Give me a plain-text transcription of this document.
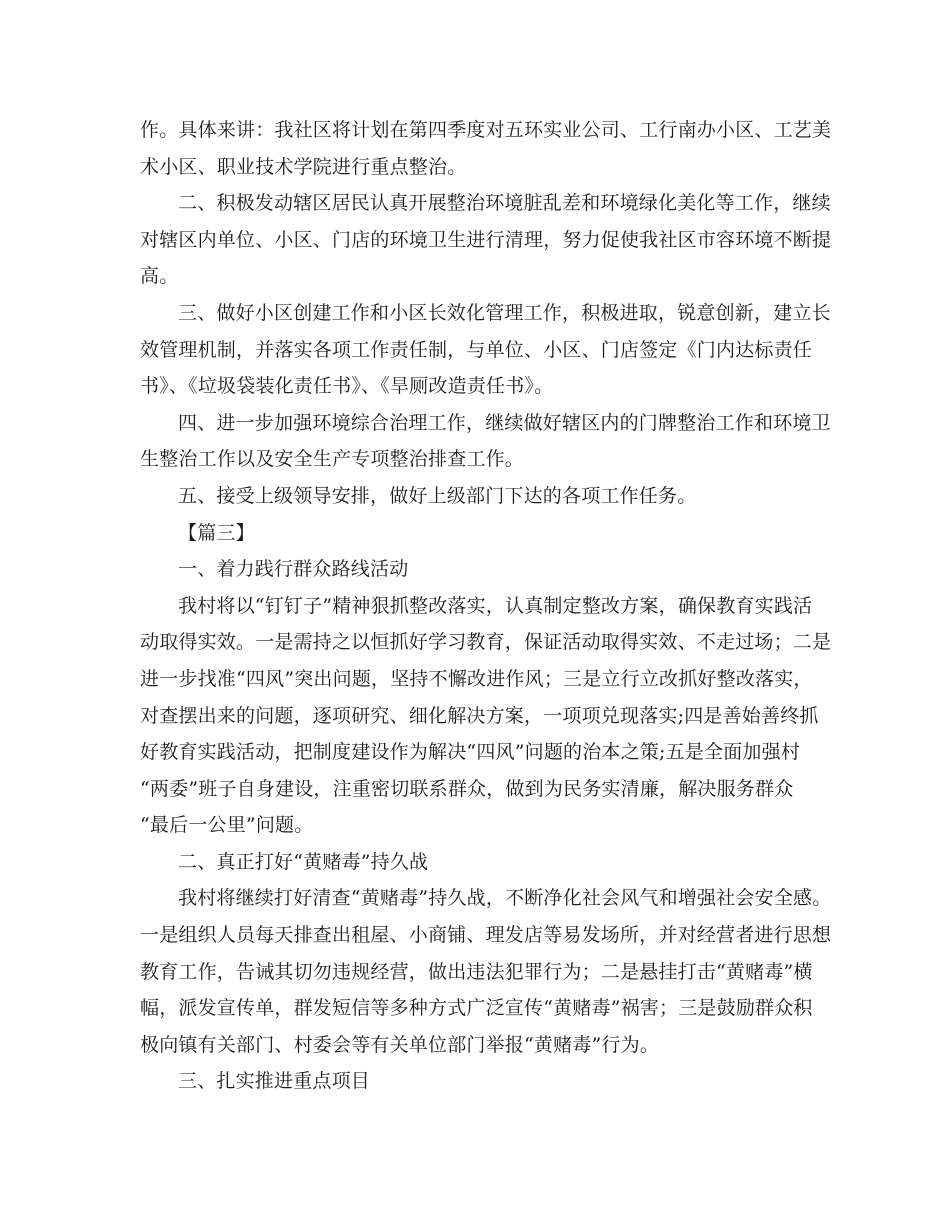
作。具体来讲：我社区将计划在第四季度对五环实业公司、工行南办小区、工艺美
术小区、职业技术学院进行重点整治。
二、积极发动辖区居民认真开展整治环境脏乱差和环境绿化美化等工作，继续
对辖区内单位、小区、门店的环境卫生进行清理，努力促使我社区市容环境不断提
高。
三、做好小区创建工作和小区长效化管理工作，积极进取，锐意创新，建立长
效管理机制，并落实各项工作责任制，与单位、小区、门店签定《门内达标责任
书》、《垃圾袋装化责任书》、《旱厕改造责任书》。
四、进一步加强环境综合治理工作，继续做好辖区内的门牌整治工作和环境卫
生整治工作以及安全生产专项整治排查工作。
五、接受上级领导安排，做好上级部门下达的各项工作任务。
【篇三】
一、着力践行群众路线活动
我村将以“钉钉子”精神狠抓整改落实，认真制定整改方案，确保教育实践活
动取得实效。一是需持之以恒抓好学习教育，保证活动取得实效、不走过场；二是
进一步找准“四风”突出问题，坚持不懈改进作风；三是立行立改抓好整改落实，
对查摆出来的问题，逐项研究、细化解决方案，一项项兑现落实;四是善始善终抓
好教育实践活动，把制度建设作为解决“四风”问题的治本之策;五是全面加强村
“两委”班子自身建设，注重密切联系群众，做到为民务实清廉，解决服务群众
“最后一公里”问题。
二、真正打好“黄赌毒”持久战
我村将继续打好清查“黄赌毒”持久战，不断净化社会风气和增强社会安全感。
一是组织人员每天排查出租屋、小商铺、理发店等易发场所，并对经营者进行思想
教育工作，告诫其切勿违规经营，做出违法犯罪行为；二是悬挂打击“黄赌毒”横
幅，派发宣传单，群发短信等多种方式广泛宣传“黄赌毒”祸害；三是鼓励群众积
极向镇有关部门、村委会等有关单位部门举报“黄赌毒”行为。
三、扎实推进重点项目
